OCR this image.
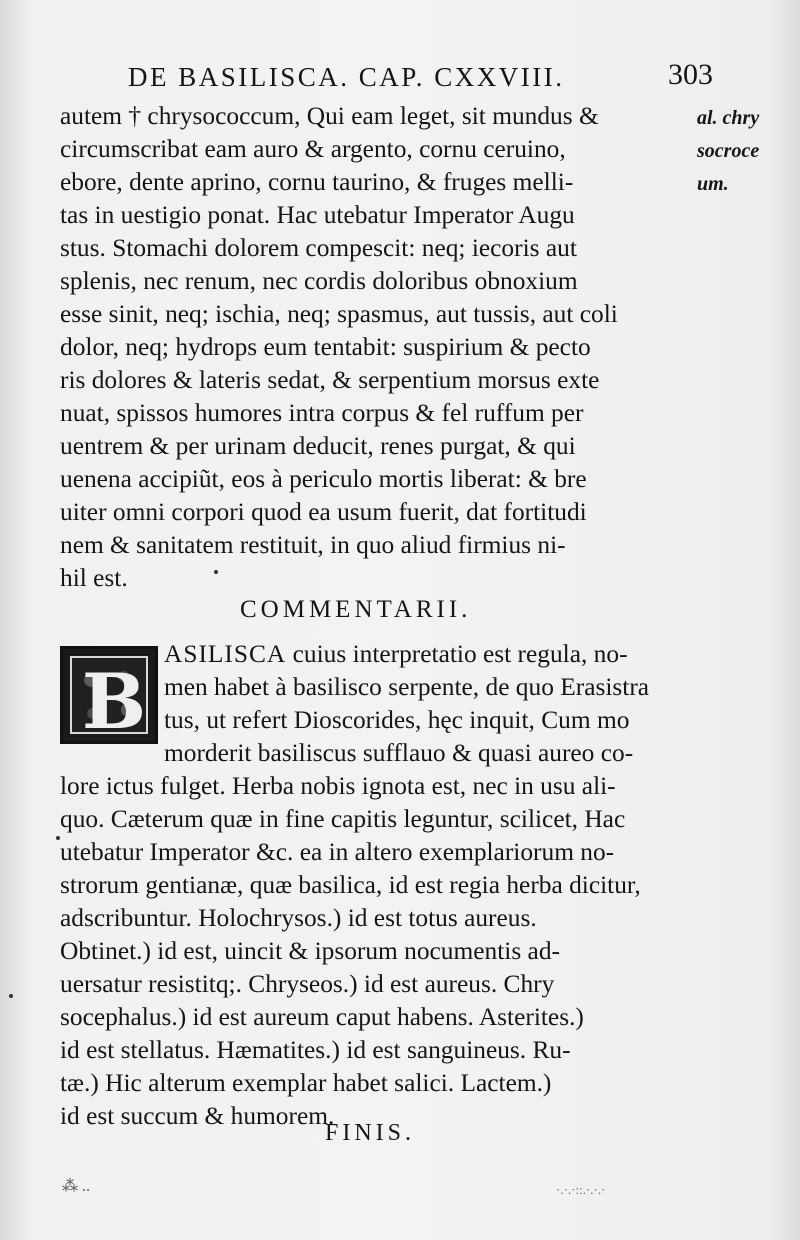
DE BASILISCA. CAP. CXXVIII.	303
autem † chrysococcum, Qui eam leget, sit mundus &
circumscribat eam auro & argento, cornu ceruino,
ebore, dente aprino, cornu taurino, & fruges melli-
tas in uestigio ponat. Hac utebatur Imperator Augu
stus. Stomachi dolorem compescit: neq; iecoris aut
splenis, nec renum, nec cordis doloribus obnoxium
esse sinit, neq; ischia, neq; spasmus, aut tussis, aut coli
dolor, neq; hydrops eum tentabit: suspirium & pecto
ris dolores & lateris sedat, & serpentium morsus exte
nuat, spissos humores intra corpus & fel ruffum per
uentrem & per urinam deducit, renes purgat, & qui
uenena accipiũt, eos à periculo mortis liberat: & bre
uiter omni corpori quod ea usum fuerit, dat fortitudi
nem & sanitatem restituit, in quo aliud firmius ni-
hil est.
al. chry
socroce
um.
COMMENTARII.
B
ASILISCA cuius interpretatio est regula, no-
men habet à basilisco serpente, de quo Erasistra
tus, ut refert Dioscorides, hęc inquit, Cum mo
morderit basiliscus sufflauo & quasi aureo co-
lore ictus fulget. Herba nobis ignota est, nec in usu ali-
quo. Cæterum quæ in fine capitis leguntur, scilicet, Hac
utebatur Imperator &c. ea in altero exemplariorum no-
strorum gentianæ, quæ basilica, id est regia herba dicitur,
adscribuntur. Holochrysos.) id est totus aureus.
Obtinet.) id est, uincit & ipsorum nocumentis ad-
uersatur resistitq;. Chryseos.) id est aureus. Chry
socephalus.) id est aureum caput habens. Asterites.)
id est stellatus. Hæmatites.) id est sanguineus. Ru-
tæ.) Hic alterum exemplar habet salici. Lactem.)
id est succum & humorem.
FINIS.
⁂ ..	·.·.·::.·.·.·
